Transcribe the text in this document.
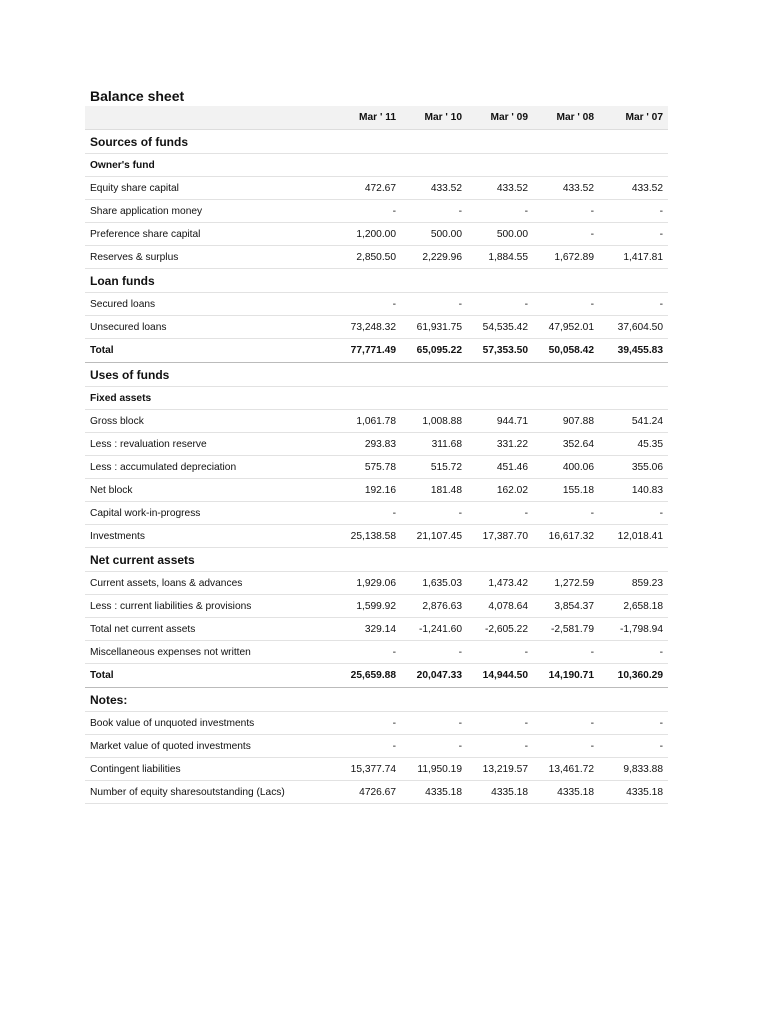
Balance sheet
	Mar ' 11	Mar ' 10	Mar ' 09	Mar ' 08	Mar ' 07
Sources of funds					
Owner's fund					
Equity share capital	472.67	433.52	433.52	433.52	433.52
Share application money	-	-	-	-	-
Preference share capital	1,200.00	500.00	500.00	-	-
Reserves & surplus	2,850.50	2,229.96	1,884.55	1,672.89	1,417.81
Loan funds					
Secured loans	-	-	-	-	-
Unsecured loans	73,248.32	61,931.75	54,535.42	47,952.01	37,604.50
Total	77,771.49	65,095.22	57,353.50	50,058.42	39,455.83
Uses of funds					
Fixed assets					
Gross block	1,061.78	1,008.88	944.71	907.88	541.24
Less : revaluation reserve	293.83	311.68	331.22	352.64	45.35
Less : accumulated depreciation	575.78	515.72	451.46	400.06	355.06
Net block	192.16	181.48	162.02	155.18	140.83
Capital work-in-progress	-	-	-	-	-
Investments	25,138.58	21,107.45	17,387.70	16,617.32	12,018.41
Net current assets					
Current assets, loans & advances	1,929.06	1,635.03	1,473.42	1,272.59	859.23
Less : current liabilities & provisions	1,599.92	2,876.63	4,078.64	3,854.37	2,658.18
Total net current assets	329.14	-1,241.60	-2,605.22	-2,581.79	-1,798.94
Miscellaneous expenses not written	-	-	-	-	-
Total	25,659.88	20,047.33	14,944.50	14,190.71	10,360.29
Notes:					
Book value of unquoted investments	-	-	-	-	-
Market value of quoted investments	-	-	-	-	-
Contingent liabilities	15,377.74	11,950.19	13,219.57	13,461.72	9,833.88
Number of equity sharesoutstanding (Lacs)	4726.67	4335.18	4335.18	4335.18	4335.18
